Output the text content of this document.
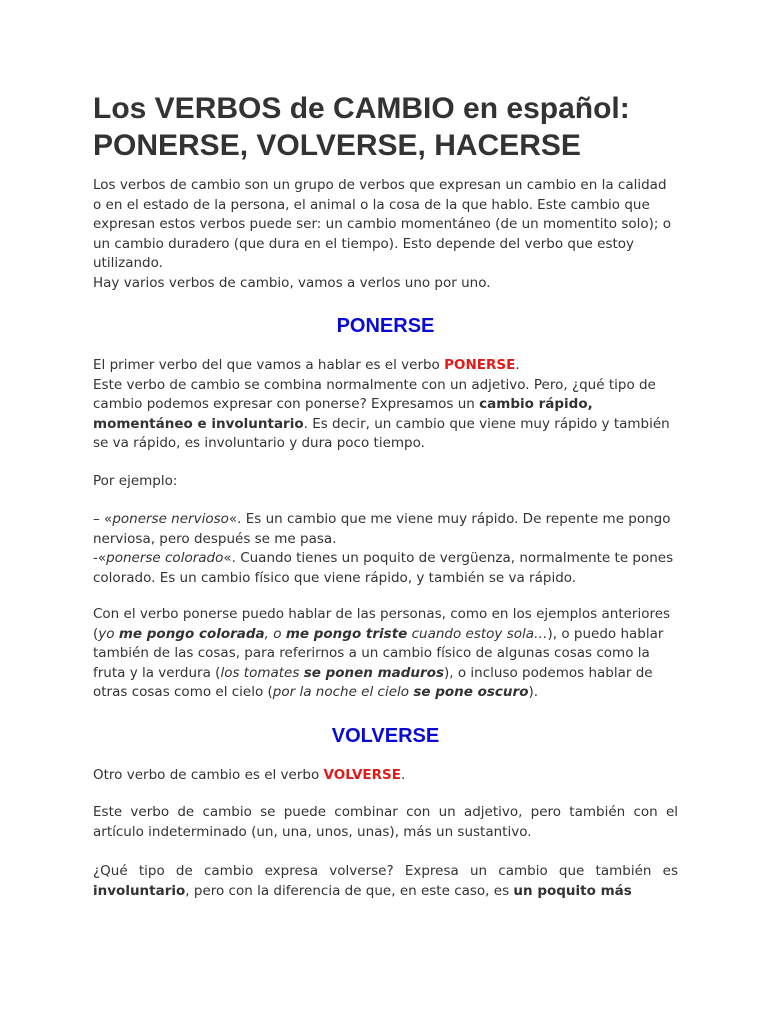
Los VERBOS de CAMBIO en español:
PONERSE, VOLVERSE, HACERSE

Los verbos de cambio son un grupo de verbos que expresan un cambio en la calidad o en el estado de la persona, el animal o la cosa de la que hablo. Este cambio que expresan estos verbos puede ser: un cambio momentáneo (de un momentito solo); o un cambio duradero (que dura en el tiempo). Esto depende del verbo que estoy utilizando.
Hay varios verbos de cambio, vamos a verlos uno por uno.

PONERSE

El primer verbo del que vamos a hablar es el verbo PONERSE.
Este verbo de cambio se combina normalmente con un adjetivo. Pero, ¿qué tipo de cambio podemos expresar con ponerse? Expresamos un cambio rápido, momentáneo e involuntario. Es decir, un cambio que viene muy rápido y también se va rápido, es involuntario y dura poco tiempo.

Por ejemplo:

– «ponerse nervioso«. Es un cambio que me viene muy rápido. De repente me pongo nerviosa, pero después se me pasa.
-«ponerse colorado«. Cuando tienes un poquito de vergüenza, normalmente te pones colorado. Es un cambio físico que viene rápido, y también se va rápido.

Con el verbo ponerse puedo hablar de las personas, como en los ejemplos anteriores (yo me pongo colorada, o me pongo triste cuando estoy sola…), o puedo hablar también de las cosas, para referirnos a un cambio físico de algunas cosas como la fruta y la verdura (los tomates se ponen maduros), o incluso podemos hablar de otras cosas como el cielo (por la noche el cielo se pone oscuro).

VOLVERSE

Otro verbo de cambio es el verbo VOLVERSE.

Este verbo de cambio se puede combinar con un adjetivo, pero también con el artículo indeterminado (un, una, unos, unas), más un sustantivo.

¿Qué tipo de cambio expresa volverse? Expresa un cambio que también es involuntario, pero con la diferencia de que, en este caso, es un poquito más
